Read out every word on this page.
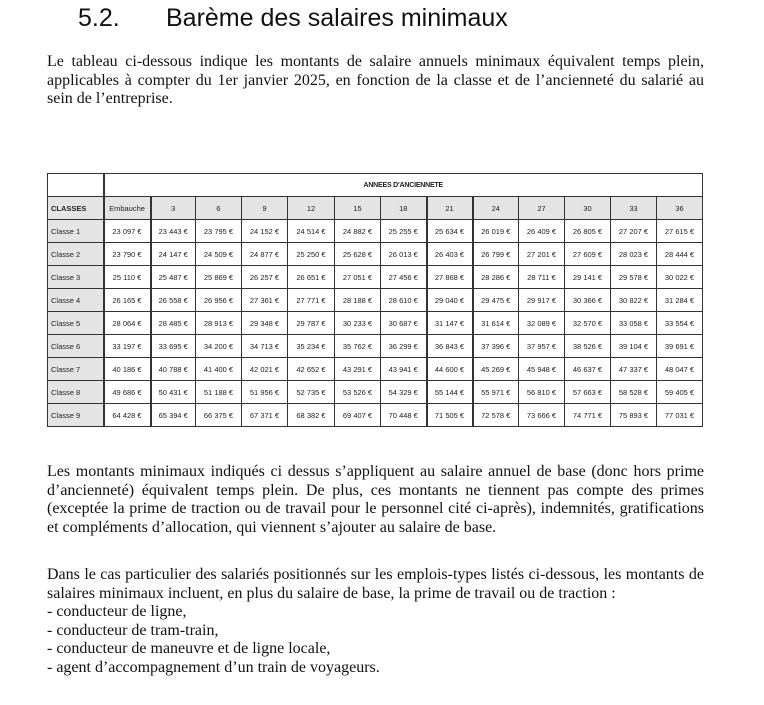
5.2. Barème des salaires minimaux
Le tableau ci-dessous indique les montants de salaire annuels minimaux équivalent temps plein, applicables à compter du 1er janvier 2025, en fonction de la classe et de l’ancienneté du salarié au sein de l’entreprise.
	ANNEES D'ANCIENNETE												
CLASSES	Embauche	3	6	9	12	15	18	21	24	27	30	33	36
Classe 1	23 097 €	23 443 €	23 795 €	24 152 €	24 514 €	24 882 €	25 255 €	25 634 €	26 019 €	26 409 €	26 805 €	27 207 €	27 615 €
Classe 2	23 790 €	24 147 €	24 509 €	24 877 €	25 250 €	25 628 €	26 013 €	26 403 €	26 799 €	27 201 €	27 609 €	28 023 €	28 444 €
Classe 3	25 110 €	25 487 €	25 869 €	26 257 €	26 651 €	27 051 €	27 456 €	27 868 €	28 286 €	28 711 €	29 141 €	29 578 €	30 022 €
Classe 4	26 165 €	26 558 €	26 956 €	27 361 €	27 771 €	28 188 €	28 610 €	29 040 €	29 475 €	29 917 €	30 366 €	30 822 €	31 284 €
Classe 5	28 064 €	28 485 €	28 913 €	29 348 €	29 787 €	30 233 €	30 687 €	31 147 €	31 614 €	32 089 €	32 570 €	33 058 €	33 554 €
Classe 6	33 197 €	33 695 €	34 200 €	34 713 €	35 234 €	35 762 €	36 299 €	36 843 €	37 396 €	37 957 €	38 526 €	39 104 €	39 691 €
Classe 7	40 186 €	40 788 €	41 400 €	42 021 €	42 652 €	43 291 €	43 941 €	44 600 €	45 269 €	45 948 €	46 637 €	47 337 €	48 047 €
Classe 8	49 686 €	50 431 €	51 188 €	51 956 €	52 735 €	53 526 €	54 329 €	55 144 €	55 971 €	56 810 €	57 663 €	58 528 €	59 405 €
Classe 9	64 428 €	65 394 €	66 375 €	67 371 €	68 382 €	69 407 €	70 448 €	71 505 €	72 578 €	73 666 €	74 771 €	75 893 €	77 031 €
Les montants minimaux indiqués ci dessus s’appliquent au salaire annuel de base (donc hors prime d’ancienneté) équivalent temps plein. De plus, ces montants ne tiennent pas compte des primes (exceptée la prime de traction ou de travail pour le personnel cité ci-après), indemnités, gratifications et compléments d’allocation, qui viennent s’ajouter au salaire de base.
Dans le cas particulier des salariés positionnés sur les emplois-types listés ci-dessous, les montants de salaires minimaux incluent, en plus du salaire de base, la prime de travail ou de traction :
- conducteur de ligne,
- conducteur de tram-train,
- conducteur de maneuvre et de ligne locale,
- agent d’accompagnement d’un train de voyageurs.
